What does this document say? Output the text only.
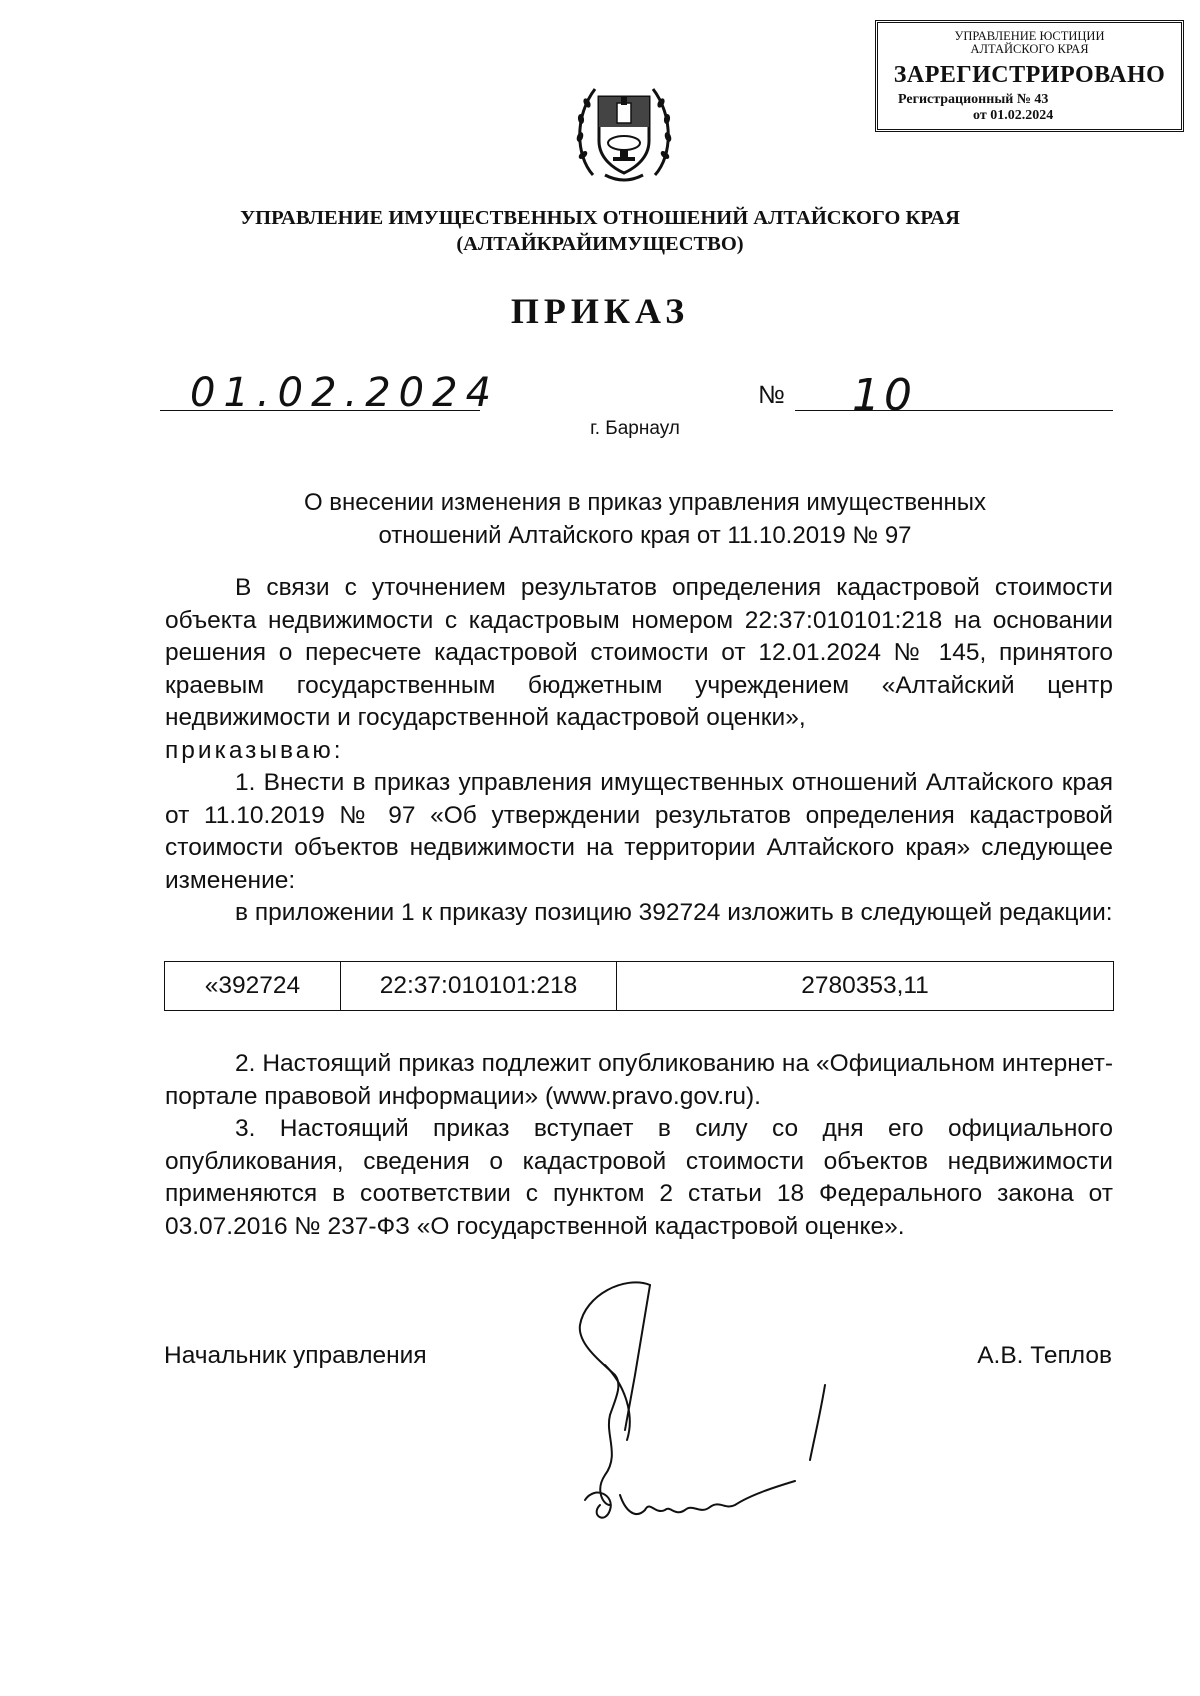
УПРАВЛЕНИЕ ЮСТИЦИИ
АЛТАЙСКОГО КРАЯ
ЗАРЕГИСТРИРОВАНО
Регистрационный № 43
от 01.02.2024
УПРАВЛЕНИЕ ИМУЩЕСТВЕННЫХ ОТНОШЕНИЙ АЛТАЙСКОГО КРАЯ
(АЛТАЙКРАЙИМУЩЕСТВО)
ПРИКАЗ
01.02.2024	№ 10
г. Барнаул
О внесении изменения в приказ управления имущественных
отношений Алтайского края от 11.10.2019 № 97

В связи с уточнением результатов определения кадастровой стоимости объекта недвижимости с кадастровым номером 22:37:010101:218 на основании решения о пересчете кадастровой стоимости от 12.01.2024 № 145, принятого краевым государственным бюджетным учреждением «Алтайский центр недвижимости и государственной кадастровой оценки»,

приказываю:

1. Внести в приказ управления имущественных отношений Алтайского края от 11.10.2019 № 97 «Об утверждении результатов определения кадастровой стоимости объектов недвижимости на территории Алтайского края» следующее изменение:

в приложении 1 к приказу позицию 392724 изложить в следующей редакции:

«392724	22:37:010101:218	2780353,11

2. Настоящий приказ подлежит опубликованию на «Официальном интернет-портале правовой информации» (www.pravo.gov.ru).

3. Настоящий приказ вступает в силу со дня его официального опубликования, сведения о кадастровой стоимости объектов недвижимости применяются в соответствии с пунктом 2 статьи 18 Федерального закона от 03.07.2016 № 237-ФЗ «О государственной кадастровой оценке».

Начальник управления	А.В. Теплов
